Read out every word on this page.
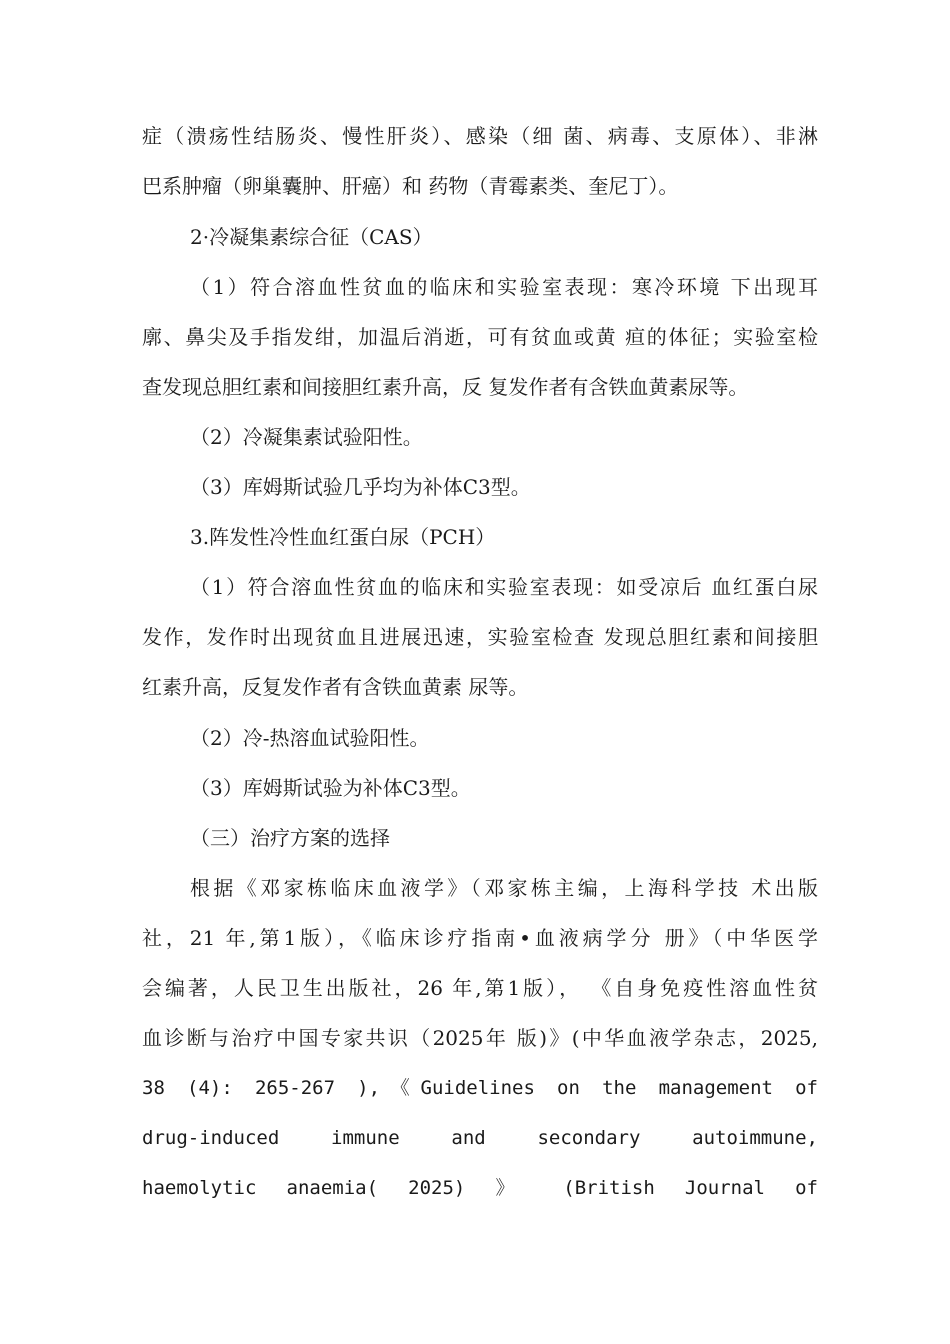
症（溃疡性结肠炎、慢性肝炎）、感染（细 菌、病毒、支原体）、非淋
巴系肿瘤（卵巢囊肿、肝癌）和 药物（青霉素类、奎尼丁）。
2·冷凝集素综合征（CAS）
（1）符合溶血性贫血的临床和实验室表现：寒冷环境 下出现耳
廓、鼻尖及手指发绀，加温后消逝，可有贫血或黄 疸的体征；实验室检
查发现总胆红素和间接胆红素升高，反 复发作者有含铁血黄素尿等。
（2）冷凝集素试验阳性。
（3）库姆斯试验几乎均为补体C3型。
3.阵发性冷性血红蛋白尿（PCH）
（1）符合溶血性贫血的临床和实验室表现：如受凉后 血红蛋白尿
发作，发作时出现贫血且进展迅速，实验室检查 发现总胆红素和间接胆
红素升高，反复发作者有含铁血黄素 尿等。
（2）冷-热溶血试验阳性。
（3）库姆斯试验为补体C3型。
（三）治疗方案的选择
根据《邓家栋临床血液学》（邓家栋主编，上海科学技 术出版
社，21 年,第1版），《临床诊疗指南•血液病学分 册》（中华医学
会编著，人民卫生出版社，26 年,第1版）， 《自身免疫性溶血性贫
血诊断与治疗中国专家共识（2025年 版)》(中华血液学杂志，2025,
38 (4): 265-267 ),《Guidelines on the management of
drug-induced immune and secondary autoimmune,
haemolytic anaemia( 2025) 》 (British Journal of
